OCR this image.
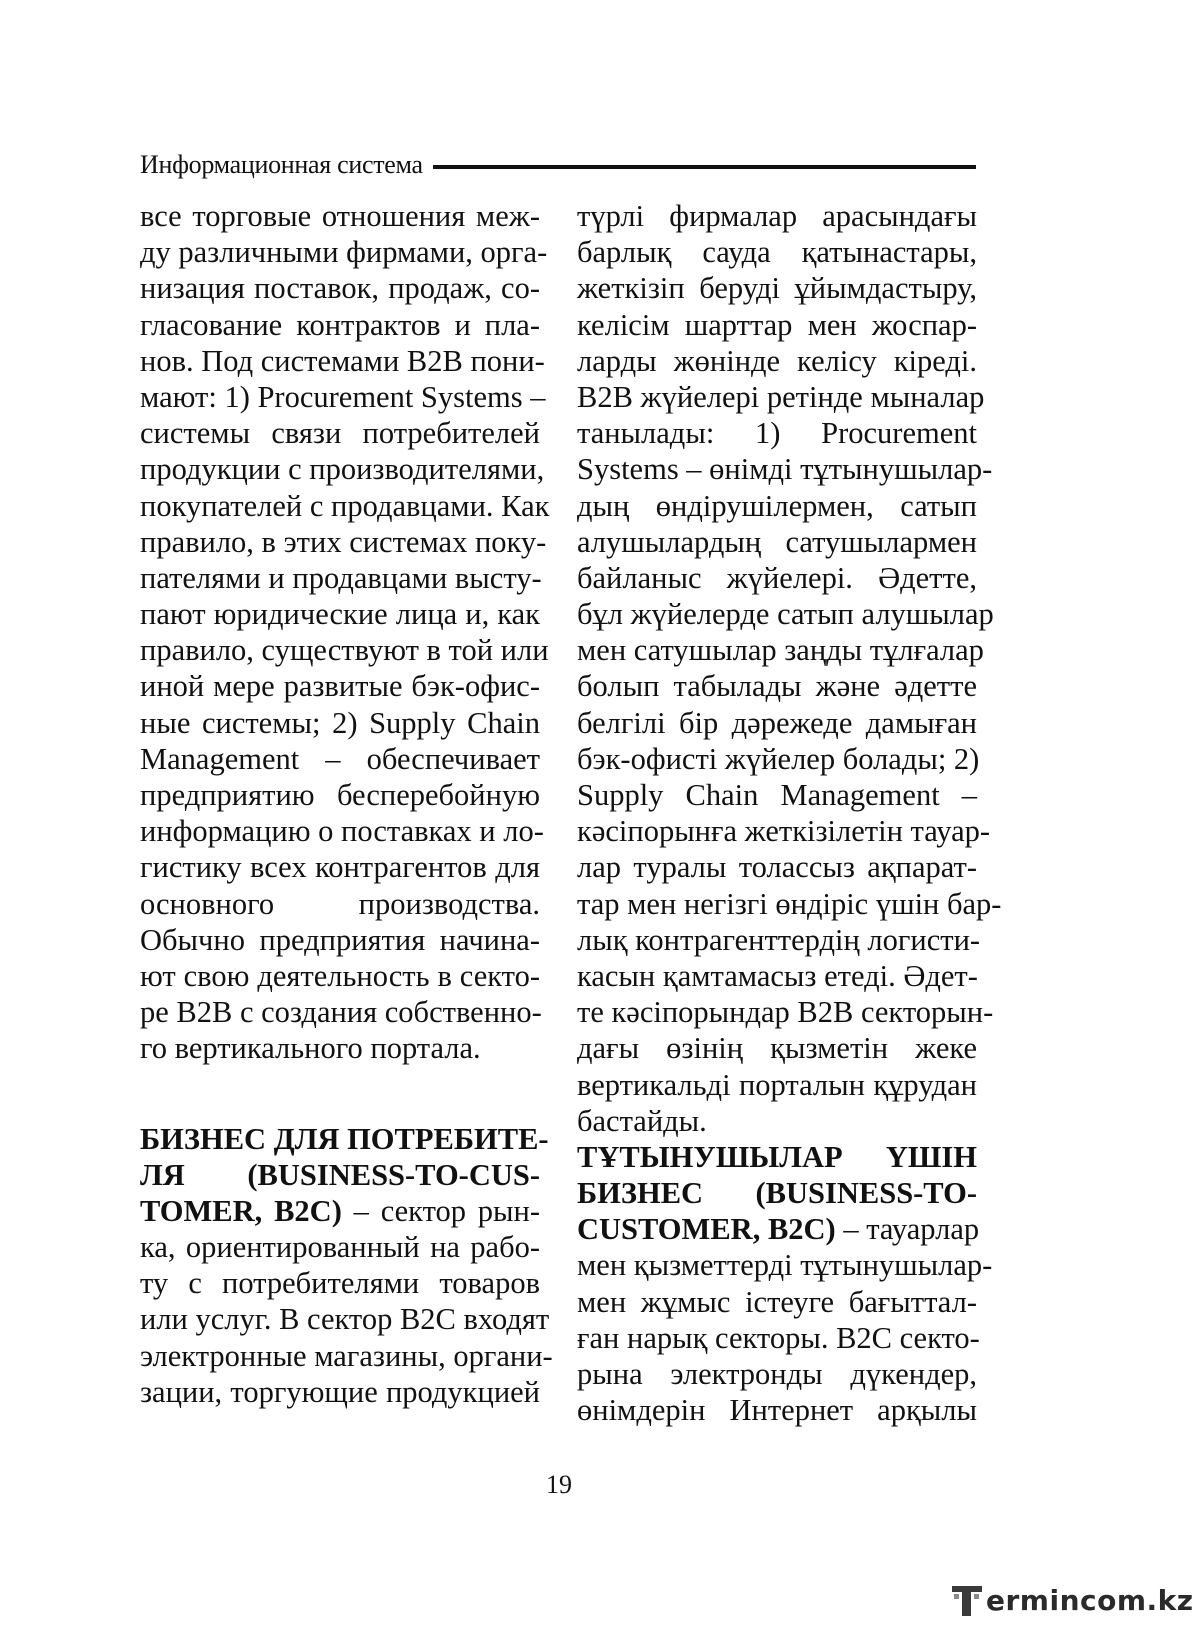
Информационная система
все торговые отношения меж-
ду различными фирмами, орга-
низация поставок, продаж, со-
гласование контрактов и пла-
нов. Под системами В2В пони-
мают: 1) Procurement Systems –
системы связи потребителей
продукции с производителями,
покупателей с продавцами. Как
правило, в этих системах поку-
пателями и продавцами высту-
пают юридические лица и, как
правило, существуют в той или
иной мере развитые бэк-офис-
ные системы; 2) Supply Chain
Management – обеспечивает
предприятию бесперебойную
информацию о поставках и ло-
гистику всех контрагентов для
основного производства.
Обычно предприятия начина-
ют свою деятельность в секто-
ре В2В с создания собственно-
го вертикального портала.
БИЗНЕС ДЛЯ ПОТРЕБИТЕ-
ЛЯ (BUSINESS-TO-CUS-
TOMER, B2C) – сектор рын-
ка, ориентированный на рабо-
ту с потребителями товаров
или услуг. В сектор В2С входят
электронные магазины, органи-
зации, торгующие продукцией
түрлі фирмалар арасындағы
барлық сауда қатынастары,
жеткізіп беруді ұйымдастыру,
келісім шарттар мен жоспар-
ларды жөнінде келісу кіреді.
В2В жүйелері ретінде мыналар
танылады: 1) Procurement
Systems – өнімді тұтынушылар-
дың өндірушілермен, сатып
алушылардың сатушылармен
байланыс жүйелері. Әдетте,
бұл жүйелерде сатып алушылар
мен сатушылар заңды тұлғалар
болып табылады және әдетте
белгілі бір дәрежеде дамыған
бэк-офисті жүйелер болады; 2)
Supply Chain Management –
кәсіпорынға жеткізілетін тауар-
лар туралы толассыз ақпарат-
тар мен негізгі өндіріс үшін бар-
лық контрагенттердің логисти-
касын қамтамасыз етеді. Әдет-
те кәсіпорындар В2В секторын-
дағы өзінің қызметін жеке
вертикальді порталын құрудан
бастайды.
ТҰТЫНУШЫЛАР ҮШІН
БИЗНЕС (BUSINESS-TO-
CUSTOMER, B2C) – тауарлар
мен қызметтерді тұтынушылар-
мен жұмыс істеуге бағыттал-
ған нарық секторы. В2С секто-
рына электронды дүкендер,
өнімдерін Интернет арқылы
19
ermincom.kz
